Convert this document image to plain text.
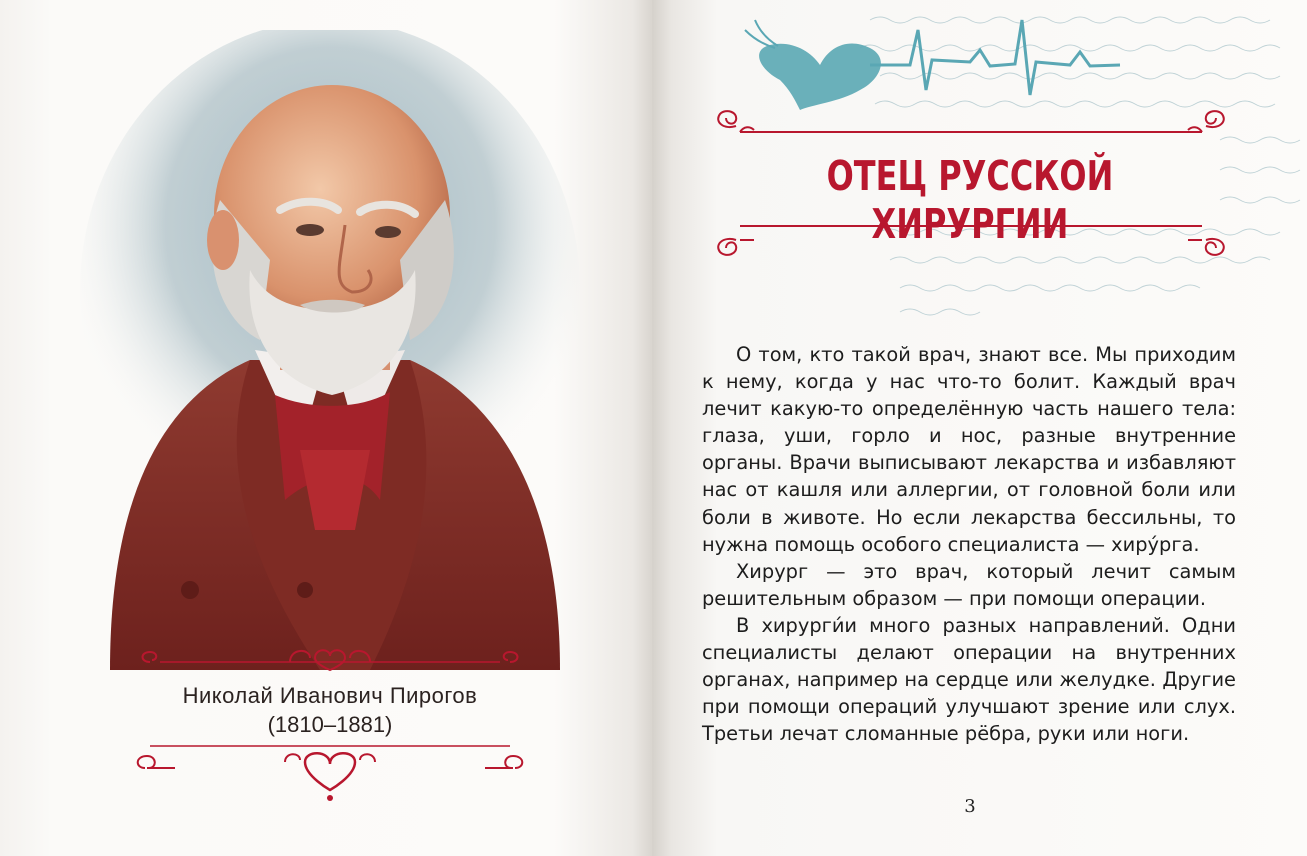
Николай Иванович Пирогов
(1810–1881)
ОТЕЦ РУССКОЙ ХИРУРГИИ

О том, кто такой врач, знают все. Мы приходим к нему, когда у нас что-то болит. Каждый врач лечит какую-то определённую часть нашего тела: глаза, уши, горло и нос, разные внутренние органы. Врачи выписывают лекарства и избавляют нас от кашля или аллергии, от головной боли или боли в животе. Но если лекарства бессильны, то нужна помощь особого специалиста — хиру́рга.

Хирург — это врач, который лечит самым решительным образом — при помощи операции.

В хирурги́и много разных направлений. Одни специалисты делают операции на внутренних органах, например на сердце или желудке. Другие при помощи операций улучшают зрение или слух. Третьи лечат сломанные рёбра, руки или ноги.

3
